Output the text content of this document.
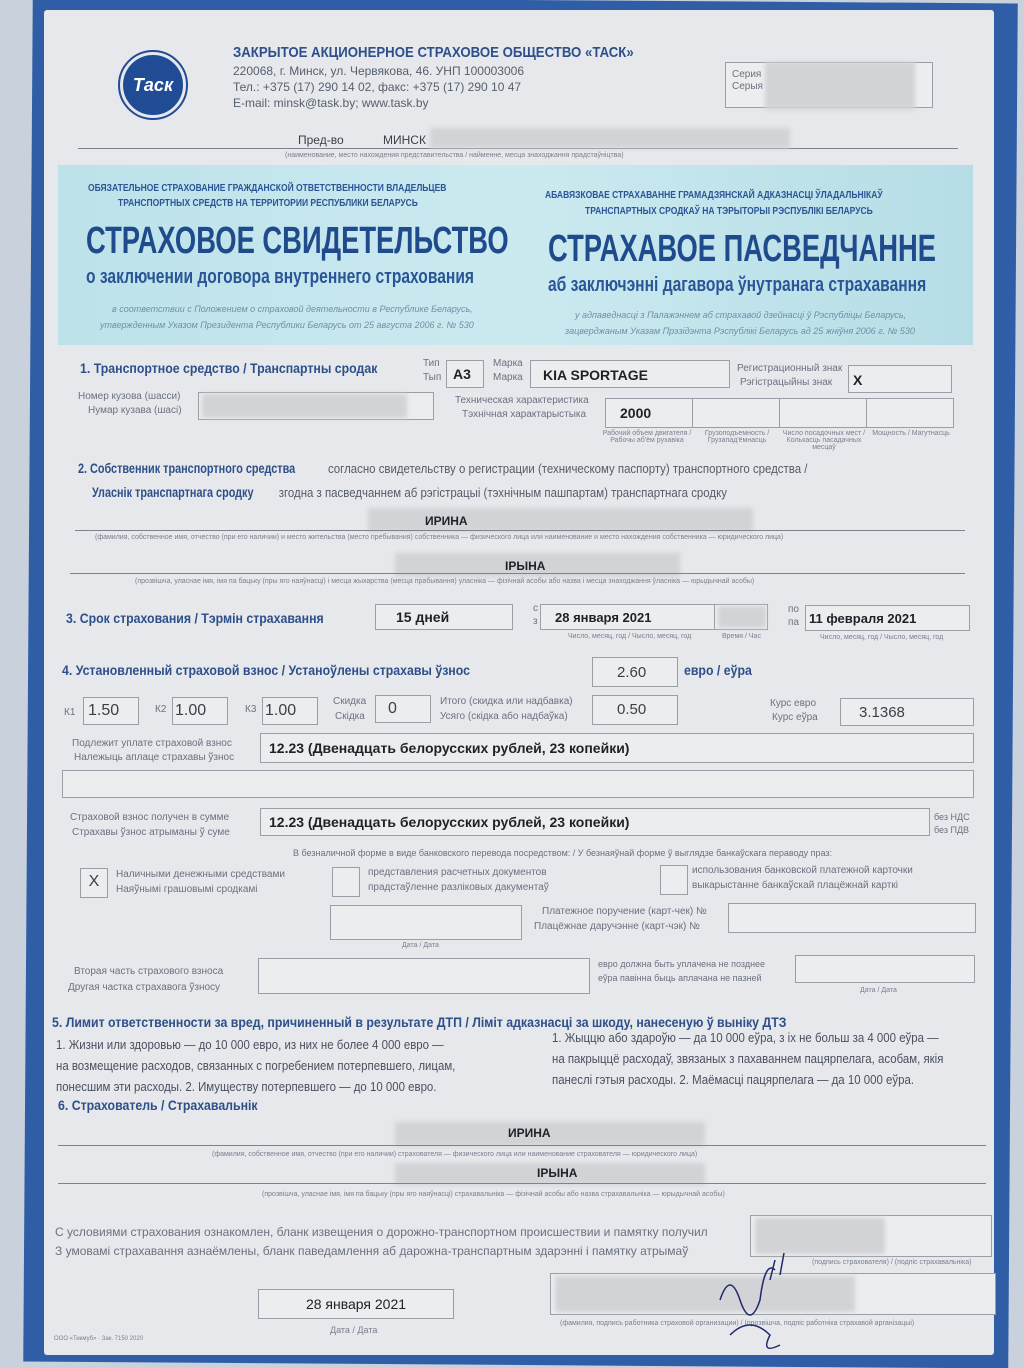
Таск
ЗАКРЫТОЕ АКЦИОНЕРНОЕ СТРАХОВОЕ ОБЩЕСТВО «ТАСК»
220068, г. Минск, ул. Червякова, 46. УНП 100003006
Тел.: +375 (17) 290 14 02, факс: +375 (17) 290 10 47
E-mail: minsk@task.by; www.task.by
Серия
Серыя
Пред-во	МИНСК
(наименование, место нахождения представительства / найменне, месца знаходжання прадстаўніцтва)
ОБЯЗАТЕЛЬНОЕ СТРАХОВАНИЕ ГРАЖДАНСКОЙ ОТВЕТСТВЕННОСТИ ВЛАДЕЛЬЦЕВ
ТРАНСПОРТНЫХ СРЕДСТВ НА ТЕРРИТОРИИ РЕСПУБЛИКИ БЕЛАРУСЬ
СТРАХОВОЕ СВИДЕТЕЛЬСТВО
о заключении договора внутреннего страхования
в соответствии с Положением о страховой деятельности в Республике Беларусь,
утвержденным Указом Президента Республики Беларусь от 25 августа 2006 г. № 530
АБАВЯЗКОВАЕ СТРАХАВАННЕ ГРАМАДЗЯНСКАЙ АДКАЗНАСЦІ ЎЛАДАЛЬНІКАЎ
ТРАНСПАРТНЫХ СРОДКАЎ НА ТЭРЫТОРЫІ РЭСПУБЛІКІ БЕЛАРУСЬ
СТРАХАВОЕ ПАСВЕДЧАННЕ
аб заключэнні дагавора ўнутранага страхавання
у адпаведнасці з Палажэннем аб страхавой дзейнасці ў Рэспубліцы Беларусь,
зацверджаным Указам Прэзідэнта Рэспублікі Беларусь ад 25 жніўня 2006 г. № 530
1. Транспортное средство / Транспартны сродак	Тип
Тып А3
Марка
Марка	KIA SPORTAGE	Регистрационный знак
Рэгістрацыйны знак	X
Номер кузова (шасси)
Нумар кузава (шасі)
Техническая характеристика
Тэхнічная характарыстыка	2000
Рабочий объем двигателя / Рабочы аб'ём рухавіка
Грузоподъемность / Грузапад'ёмнасць
Число посадочных мест / Колькасць пасадачных месцаў
Мощность / Магутнасць
2. Собственник транспортного средства	согласно свидетельству о регистрации (техническому паспорту) транспортного средства /
Уласнік транспартнага сродку згодна з пасведчаннем аб рэгістрацыі (тэхнічным пашпартам) транспартнага сродку
ИРИНА
(фамилия, собственное имя, отчество (при его наличии) и место жительства (место пребывания) собственника — физического лица или наименование и место нахождения собственника — юридического лица)
ІРЫНА
(прозвішча, уласнае імя, імя па бацьку (пры яго наяўнасці) і месца жыхарства (месца прабывання) уласніка — фізічнай асобы або назва і месца знаходжання ўласніка — юрыдычнай асобы)
3. Срок страхования / Тэрмін страхавання	15 дней
с
з	28 января 2021
по
па 11 февраля 2021
Число, месяц, год / Чысло, месяц, год	Время / Час	Число, месяц, год / Чысло, месяц, год
4. Установленный страховой взнос / Устаноўлены страхавы ўзнос	2.60	евро / еўра
К1 1.50	К2 1.00	К3 1.00
Скидка
Скідка	0	Итого (скидка или надбавка)
Усяго (скідка або надбаўка)	0.50	Курс евро
Курс еўра	3.1368
Подлежит уплате страховой взнос
Належыць аплаце страхавы ўзнос
12.23 (Двенадцать белорусских рублей, 23 копейки)
Страховой взнос получен в сумме
Страхавы ўзнос атрыманы ў суме
12.23 (Двенадцать белорусских рублей, 23 копейки)	без НДС
без ПДВ
В безналичной форме в виде банковского перевода посредством: / У безнаяўнай форме ў выглядзе банкаўскага пераводу праз:
X	Наличными денежными средствами
Наяўнымі грашовымі сродкамі
представления расчетных документов
прадстаўленне разліковых дакументаў
использования банковской платежной карточки
выкарыстанне банкаўскай плацёжнай карткі
Дата / Дата
Платежное поручение (карт-чек) №
Плацёжнае даручэнне (карт-чэк) №
Вторая часть страхового взноса
Другая частка страхавога ўзносу
евро должна быть уплачена не позднее
еўра павінна быць аплачана не пазней
Дата / Дата
5. Лимит ответственности за вред, причиненный в результате ДТП / Ліміт адказнасці за шкоду, нанесеную ў выніку ДТЗ
1. Жизни или здоровью — до 10 000 евро, из них не более 4 000 евро —
на возмещение расходов, связанных с погребением потерпевшего, лицам,
понесшим эти расходы. 2. Имуществу потерпевшего — до 10 000 евро.
1. Жыццю або здароўю — да 10 000 еўра, з іх не больш за 4 000 еўра —
на пакрыццё расходаў, звязаных з пахаваннем пацярпелага, асобам, якія
панеслі гэтыя расходы. 2. Маёмасці пацярпелага — да 10 000 еўра.
6. Страхователь / Страхавальнік
ИРИНА
(фамилия, собственное имя, отчество (при его наличии) страхователя — физического лица или наименование страхователя — юридического лица)
ІРЫНА
(прозвішча, уласнае імя, імя па бацьку (пры яго наяўнасці) страхавальніка — фізічнай асобы або назва страхавальніка — юрыдычнай асобы)
С условиями страхования ознакомлен, бланк извещения о дорожно-транспортном происшествии и памятку получил
З умовамі страхавання азнаёмлены, бланк паведамлення аб дарожна-транспартным здарэнні і памятку атрымаў
(подпись страхователя) / (подпіс страхавальніка)
28 января 2021
Дата / Дата
ООО «Тикмуб» · Зак. 7150 2020
(фамилия, подпись работника страховой организации) / (прозвішча, подпіс работніка страхавой арганізацыі)
